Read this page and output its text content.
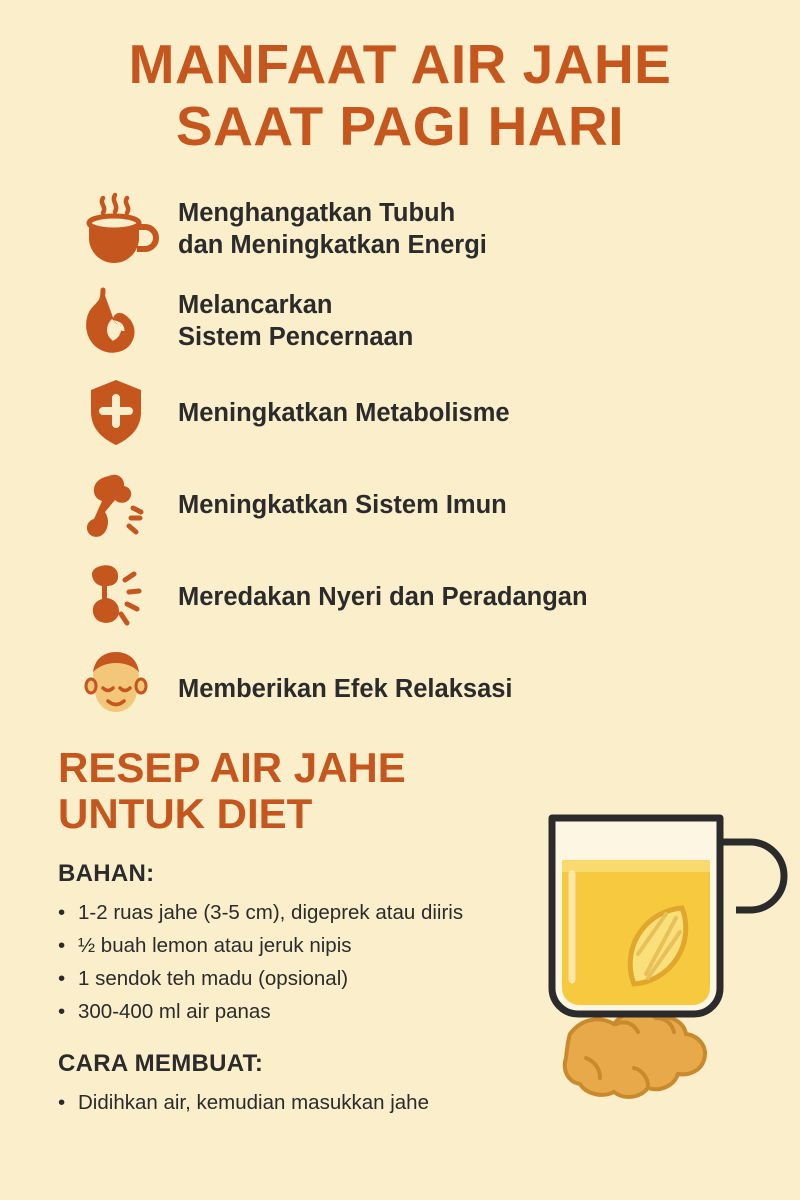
MANFAAT AIR JAHE
SAAT PAGI HARI
Menghangatkan Tubuh
dan Meningkatkan Energi
Melancarkan
Sistem Pencernaan
Meningkatkan Metabolisme
Meningkatkan Sistem Imun
Meredakan Nyeri dan Peradangan
Memberikan Efek Relaksasi
RESEP AIR JAHE
UNTUK DIET
BAHAN:
• 1-2 ruas jahe (3-5 cm), digeprek atau diiris
• ½ buah lemon atau jeruk nipis
• 1 sendok teh madu (opsional)
• 300-400 ml air panas
CARA MEMBUAT:
• Didihkan air, kemudian masukkan jahe
